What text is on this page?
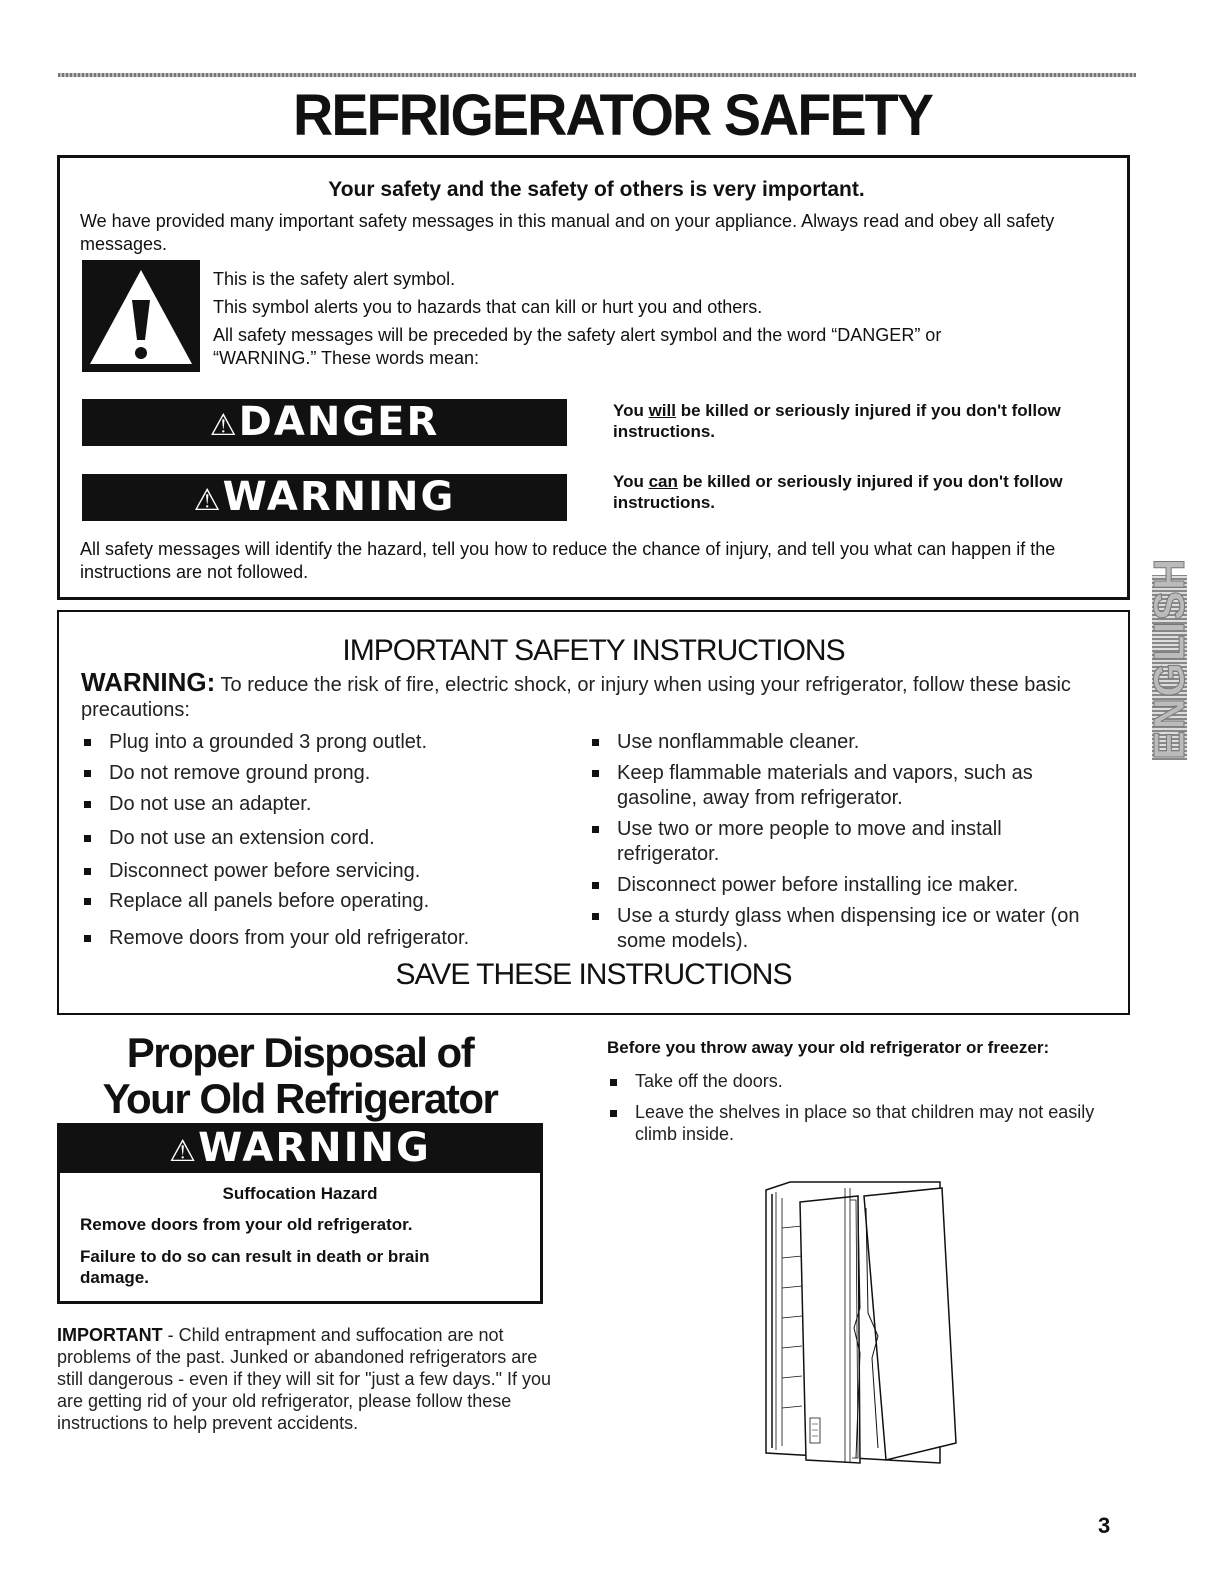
REFRIGERATOR SAFETY
Your safety and the safety of others is very important.
We have provided many important safety messages in this manual and on your appliance. Always read and obey all safety messages.
This is the safety alert symbol.
This symbol alerts you to hazards that can kill or hurt you and others.
All safety messages will be preceded by the safety alert symbol and the word “DANGER” or “WARNING.” These words mean:
⚠DANGER	You will be killed or seriously injured if you don't follow instructions.
⚠WARNING	You can be killed or seriously injured if you don't follow instructions.
All safety messages will identify the hazard, tell you how to reduce the chance of injury, and tell you what can happen if the instructions are not followed.
IMPORTANT SAFETY INSTRUCTIONS
WARNING: To reduce the risk of fire, electric shock, or injury when using your refrigerator, follow these basic precautions:
Plug into a grounded 3 prong outlet.
Do not remove ground prong.
Do not use an adapter.
Do not use an extension cord.
Disconnect power before servicing.
Replace all panels before operating.
Remove doors from your old refrigerator.
Use nonflammable cleaner.
Keep flammable materials and vapors, such as gasoline, away from refrigerator.
Use two or more people to move and install refrigerator.
Disconnect power before installing ice maker.
Use a sturdy glass when dispensing ice or water (on some models).
SAVE THESE INSTRUCTIONS
ENGLISH
Proper Disposal of
Your Old Refrigerator
⚠WARNING
Suffocation Hazard
Remove doors from your old refrigerator.
Failure to do so can result in death or brain damage.
IMPORTANT - Child entrapment and suffocation are not problems of the past. Junked or abandoned refrigerators are still dangerous - even if they will sit for "just a few days." If you are getting rid of your old refrigerator, please follow these instructions to help prevent accidents.
Before you throw away your old refrigerator or freezer:
Take off the doors.
Leave the shelves in place so that children may not easily climb inside.
3
